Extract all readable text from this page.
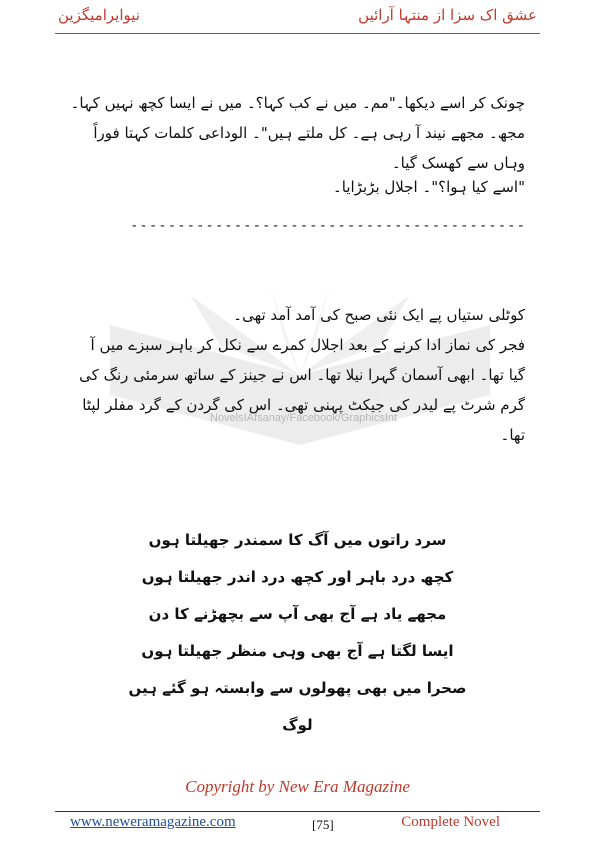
نیوایرامیگزین	عشق اک سزا از منتہا آرائیں
چونک کر اسے دیکھا۔"مم۔ میں نے کب کہا؟۔ میں نے ایسا کچھ نہیں کہا۔ مجھ۔ مجھے نیند آ رہی ہے۔ کل ملتے ہیں"۔ الوداعی کلمات کہتا فوراً وہاں سے کھسک گیا۔
"اسے کیا ہوا؟"۔ اجلال بڑبڑایا۔
------------------------------------------
کوٹلی ستیاں پے ایک نئی صبح کی آمد آمد تھی۔
فجر کی نماز ادا کرنے کے بعد اجلال کمرے سے نکل کر باہر سبزے میں آ گیا تھا۔ ابھی آسمان گہرا نیلا تھا۔ اس نے جینز کے ساتھ سرمئی رنگ کی گرم شرٹ پے لیدر کی جیکٹ پہنی تھی۔ اس کی گردن کے گرد مفلر لپٹا تھا۔
NovelsIAfsanay/Facebook/GraphicsInt
سرد راتوں میں آگ کا سمندر جھیلتا ہوں
کچھ درد باہر اور کچھ درد اندر جھیلتا ہوں
مجھے یاد ہے آج بھی آپ سے بچھڑنے کا دن
ایسا لگتا ہے آج بھی وہی منظر جھیلتا ہوں
صحرا میں بھی پھولوں سے وابستہ ہو گئے ہیں لوگ
Copyright by New Era Magazine
www.neweramagazine.com	[75]	Complete Novel
